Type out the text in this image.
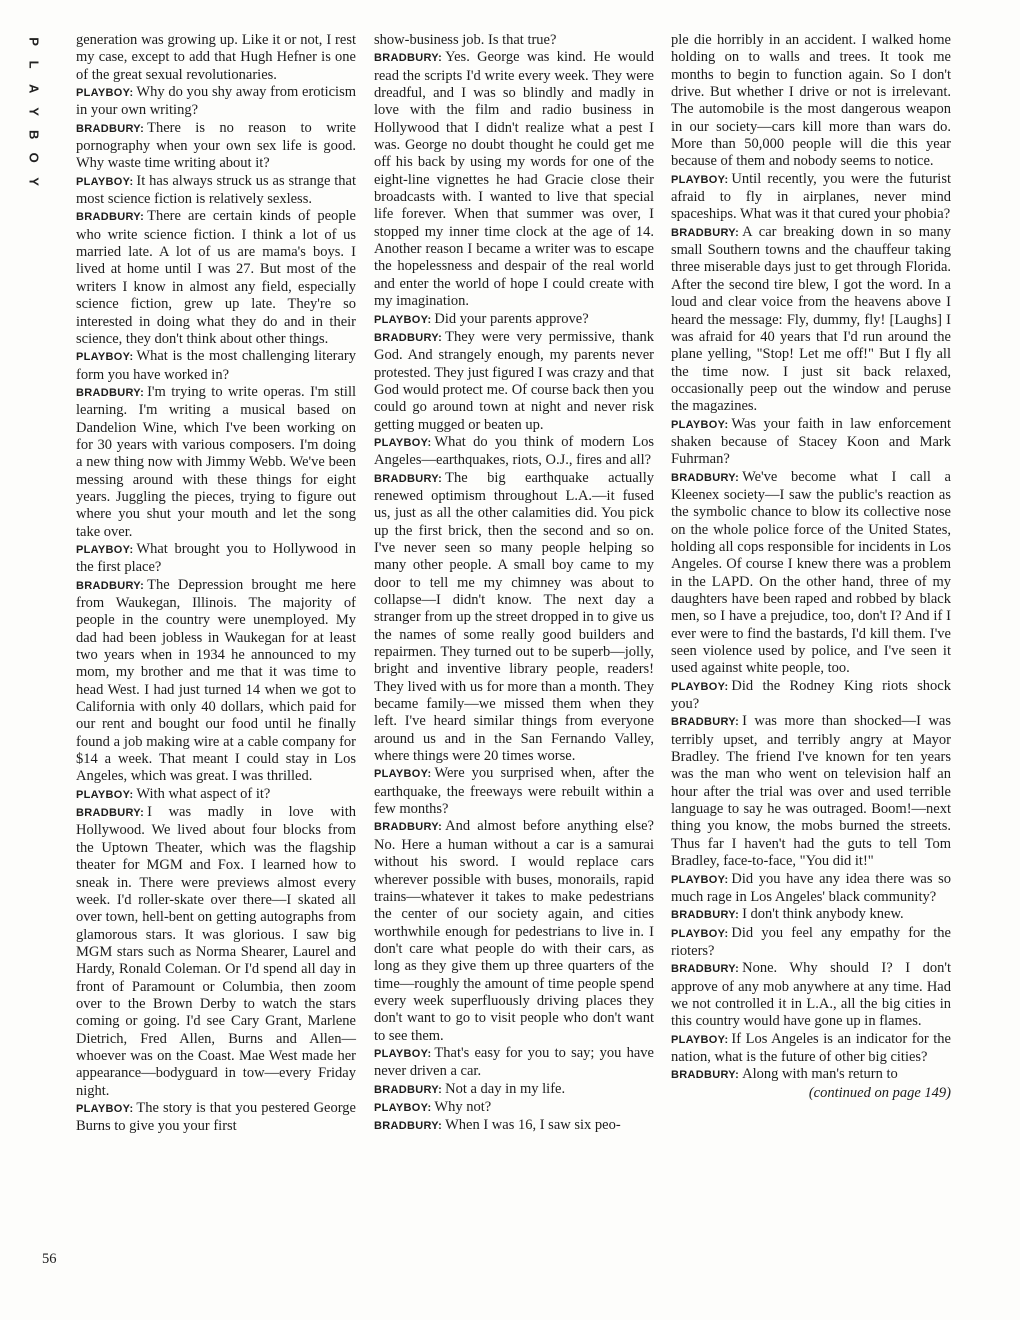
P
L
A
Y
B
O
Y

generation was growing up. Like it or not, I rest my case, except to add that Hugh Hefner is one of the great sexual revolutionaries.

PLAYBOY: Why do you shy away from eroticism in your own writing?

BRADBURY: There is no reason to write pornography when your own sex life is good. Why waste time writing about it?

PLAYBOY: It has always struck us as strange that most science fiction is relatively sexless.

BRADBURY: There are certain kinds of people who write science fiction. I think a lot of us married late. A lot of us are mama's boys. I lived at home until I was 27. But most of the writers I know in almost any field, especially science fiction, grew up late. They're so interested in doing what they do and in their science, they don't think about other things.

PLAYBOY: What is the most challenging literary form you have worked in?

BRADBURY: I'm trying to write operas. I'm still learning. I'm writing a musical based on Dandelion Wine, which I've been working on for 30 years with various composers. I'm doing a new thing now with Jimmy Webb. We've been messing around with these things for eight years. Juggling the pieces, trying to figure out where you shut your mouth and let the song take over.

PLAYBOY: What brought you to Hollywood in the first place?

BRADBURY: The Depression brought me here from Waukegan, Illinois. The majority of people in the country were unemployed. My dad had been jobless in Waukegan for at least two years when in 1934 he announced to my mom, my brother and me that it was time to head West. I had just turned 14 when we got to California with only 40 dollars, which paid for our rent and bought our food until he finally found a job making wire at a cable company for $14 a week. That meant I could stay in Los Angeles, which was great. I was thrilled.

PLAYBOY: With what aspect of it?

BRADBURY: I was madly in love with Hollywood. We lived about four blocks from the Uptown Theater, which was the flagship theater for MGM and Fox. I learned how to sneak in. There were previews almost every week. I'd roller-skate over there—I skated all over town, hell-bent on getting autographs from glamorous stars. It was glorious. I saw big MGM stars such as Norma Shearer, Laurel and Hardy, Ronald Coleman. Or I'd spend all day in front of Paramount or Columbia, then zoom over to the Brown Derby to watch the stars coming or going. I'd see Cary Grant, Marlene Dietrich, Fred Allen, Burns and Allen—whoever was on the Coast. Mae West made her appearance—bodyguard in tow—every Friday night.

PLAYBOY: The story is that you pestered George Burns to give you your first

show-business job. Is that true?

BRADBURY: Yes. George was kind. He would read the scripts I'd write every week. They were dreadful, and I was so blindly and madly in love with the film and radio business in Hollywood that I didn't realize what a pest I was. George no doubt thought he could get me off his back by using my words for one of the eight-line vignettes he had Gracie close their broadcasts with. I wanted to live that special life forever. When that summer was over, I stopped my inner time clock at the age of 14. Another reason I became a writer was to escape the hopelessness and despair of the real world and enter the world of hope I could create with my imagination.

PLAYBOY: Did your parents approve?

BRADBURY: They were very permissive, thank God. And strangely enough, my parents never protested. They just figured I was crazy and that God would protect me. Of course back then you could go around town at night and never risk getting mugged or beaten up.

PLAYBOY: What do you think of modern Los Angeles—earthquakes, riots, O.J., fires and all?

BRADBURY: The big earthquake actually renewed optimism throughout L.A.—it fused us, just as all the other calamities did. You pick up the first brick, then the second and so on. I've never seen so many people helping so many other people. A small boy came to my door to tell me my chimney was about to collapse—I didn't know. The next day a stranger from up the street dropped in to give us the names of some really good builders and repairmen. They turned out to be superb—jolly, bright and inventive library people, readers! They lived with us for more than a month. They became family—we missed them when they left. I've heard similar things from everyone around us and in the San Fernando Valley, where things were 20 times worse.

PLAYBOY: Were you surprised when, after the earthquake, the freeways were rebuilt within a few months?

BRADBURY: And almost before anything else? No. Here a human without a car is a samurai without his sword. I would replace cars wherever possible with buses, monorails, rapid trains—whatever it takes to make pedestrians the center of our society again, and cities worthwhile enough for pedestrians to live in. I don't care what people do with their cars, as long as they give them up three quarters of the time—roughly the amount of time people spend every week superfluously driving places they don't want to go to visit people who don't want to see them.

PLAYBOY: That's easy for you to say; you have never driven a car.

BRADBURY: Not a day in my life.

PLAYBOY: Why not?

BRADBURY: When I was 16, I saw six peo-

ple die horribly in an accident. I walked home holding on to walls and trees. It took me months to begin to function again. So I don't drive. But whether I drive or not is irrelevant. The automobile is the most dangerous weapon in our society—cars kill more than wars do. More than 50,000 people will die this year because of them and nobody seems to notice.

PLAYBOY: Until recently, you were the futurist afraid to fly in airplanes, never mind spaceships. What was it that cured your phobia?

BRADBURY: A car breaking down in so many small Southern towns and the chauffeur taking three miserable days just to get through Florida. After the second tire blew, I got the word. In a loud and clear voice from the heavens above I heard the message: Fly, dummy, fly! [Laughs] I was afraid for 40 years that I'd run around the plane yelling, "Stop! Let me off!" But I fly all the time now. I just sit back relaxed, occasionally peep out the window and peruse the magazines.

PLAYBOY: Was your faith in law enforcement shaken because of Stacey Koon and Mark Fuhrman?

BRADBURY: We've become what I call a Kleenex society—I saw the public's reaction as the symbolic chance to blow its collective nose on the whole police force of the United States, holding all cops responsible for incidents in Los Angeles. Of course I knew there was a problem in the LAPD. On the other hand, three of my daughters have been raped and robbed by black men, so I have a prejudice, too, don't I? And if I ever were to find the bastards, I'd kill them. I've seen violence used by police, and I've seen it used against white people, too.

PLAYBOY: Did the Rodney King riots shock you?

BRADBURY: I was more than shocked—I was terribly upset, and terribly angry at Mayor Bradley. The friend I've known for ten years was the man who went on television half an hour after the trial was over and used terrible language to say he was outraged. Boom!—next thing you know, the mobs burned the streets. Thus far I haven't had the guts to tell Tom Bradley, face-to-face, "You did it!"

PLAYBOY: Did you have any idea there was so much rage in Los Angeles' black community?

BRADBURY: I don't think anybody knew.

PLAYBOY: Did you feel any empathy for the rioters?

BRADBURY: None. Why should I? I don't approve of any mob anywhere at any time. Had we not controlled it in L.A., all the big cities in this country would have gone up in flames.

PLAYBOY: If Los Angeles is an indicator for the nation, what is the future of other big cities?

BRADBURY: Along with man's return to

(continued on page 149)

56
